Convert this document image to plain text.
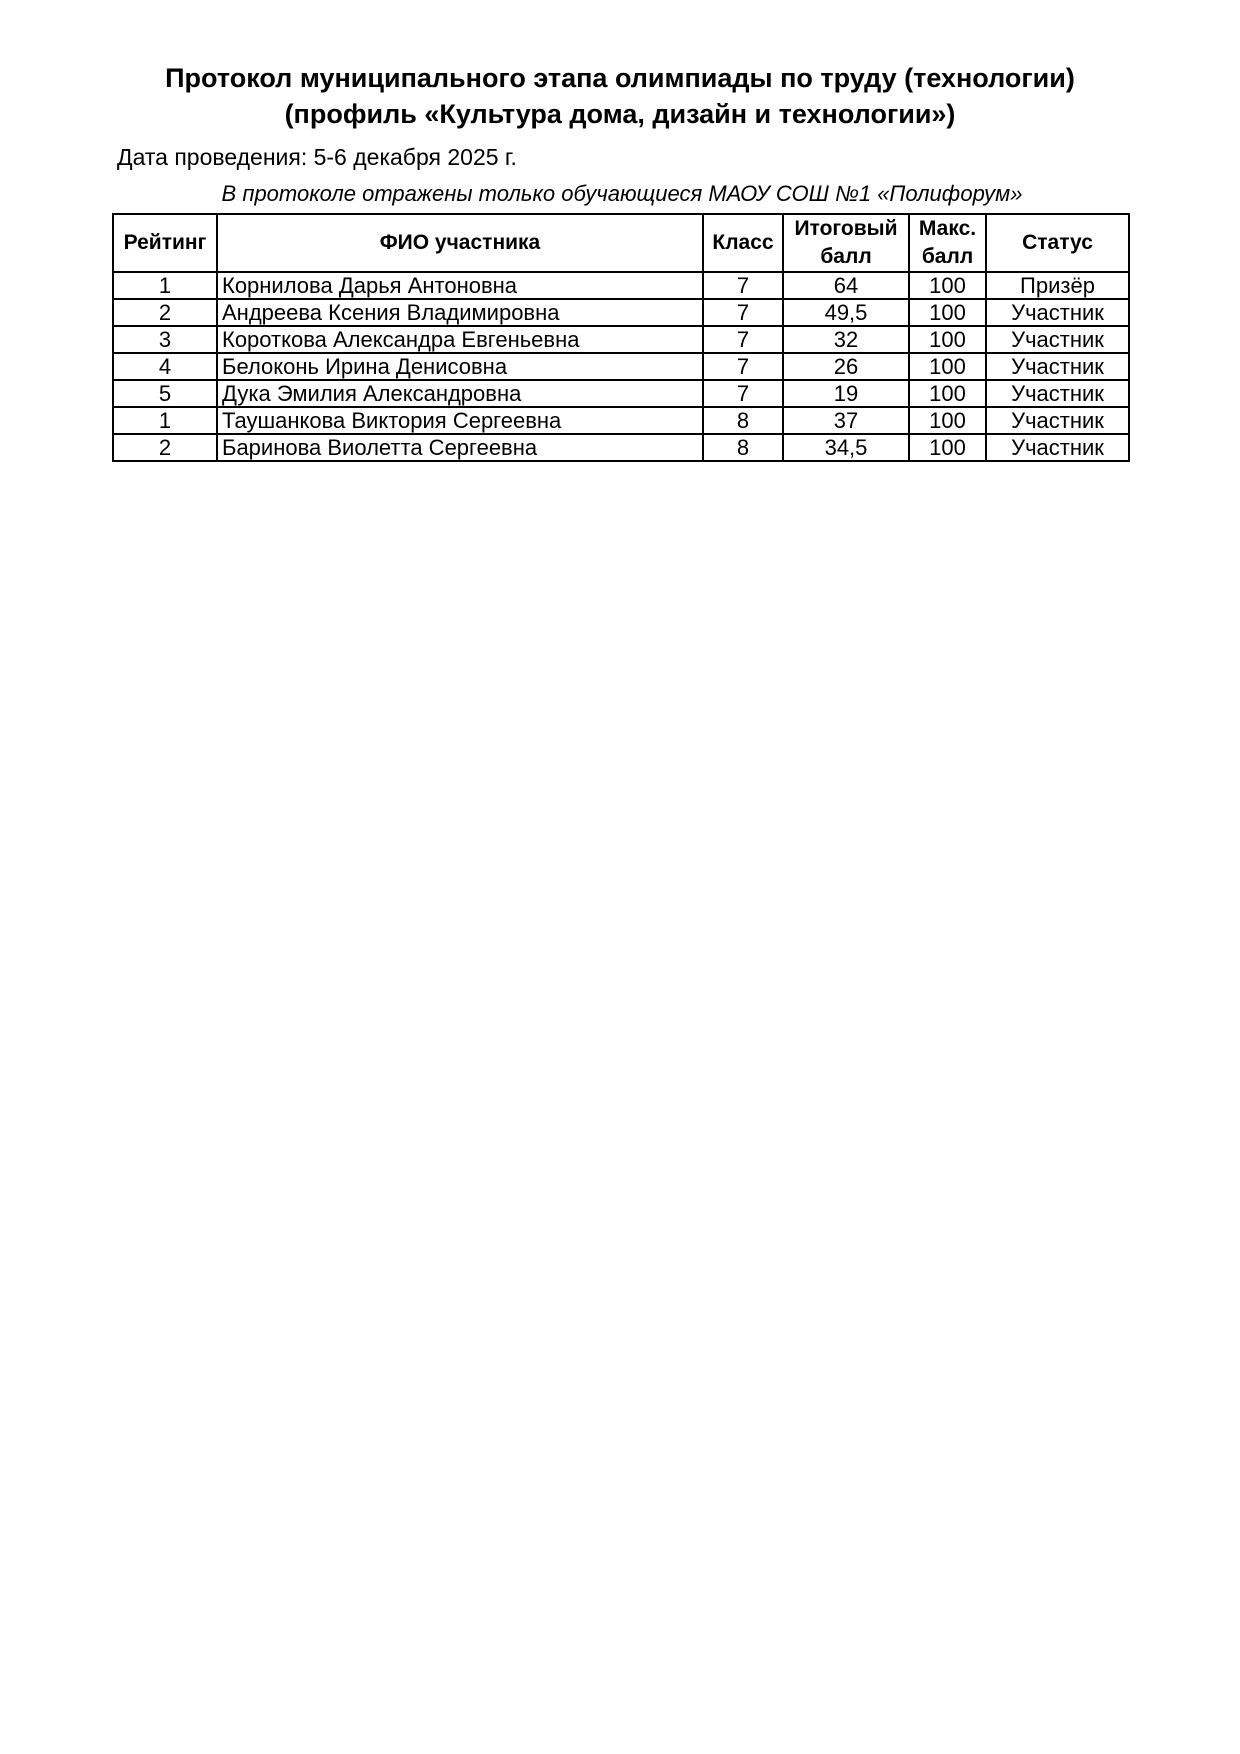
Протокол муниципального этапа олимпиады по труду (технологии)
(профиль «Культура дома, дизайн и технологии»)

Дата проведения: 5-6 декабря 2025 г.

В протоколе отражены только обучающиеся МАОУ СОШ №1 «Полифорум»

Рейтинг	ФИО участника	Класс	Итоговый балл	Макс. балл	Статус
1	Корнилова Дарья Антоновна	7	64	100	Призёр
2	Андреева Ксения Владимировна	7	49,5	100	Участник
3	Короткова Александра Евгеньевна	7	32	100	Участник
4	Белоконь Ирина Денисовна	7	26	100	Участник
5	Дука Эмилия Александровна	7	19	100	Участник
1	Таушанкова Виктория Сергеевна	8	37	100	Участник
2	Баринова Виолетта Сергеевна	8	34,5	100	Участник
